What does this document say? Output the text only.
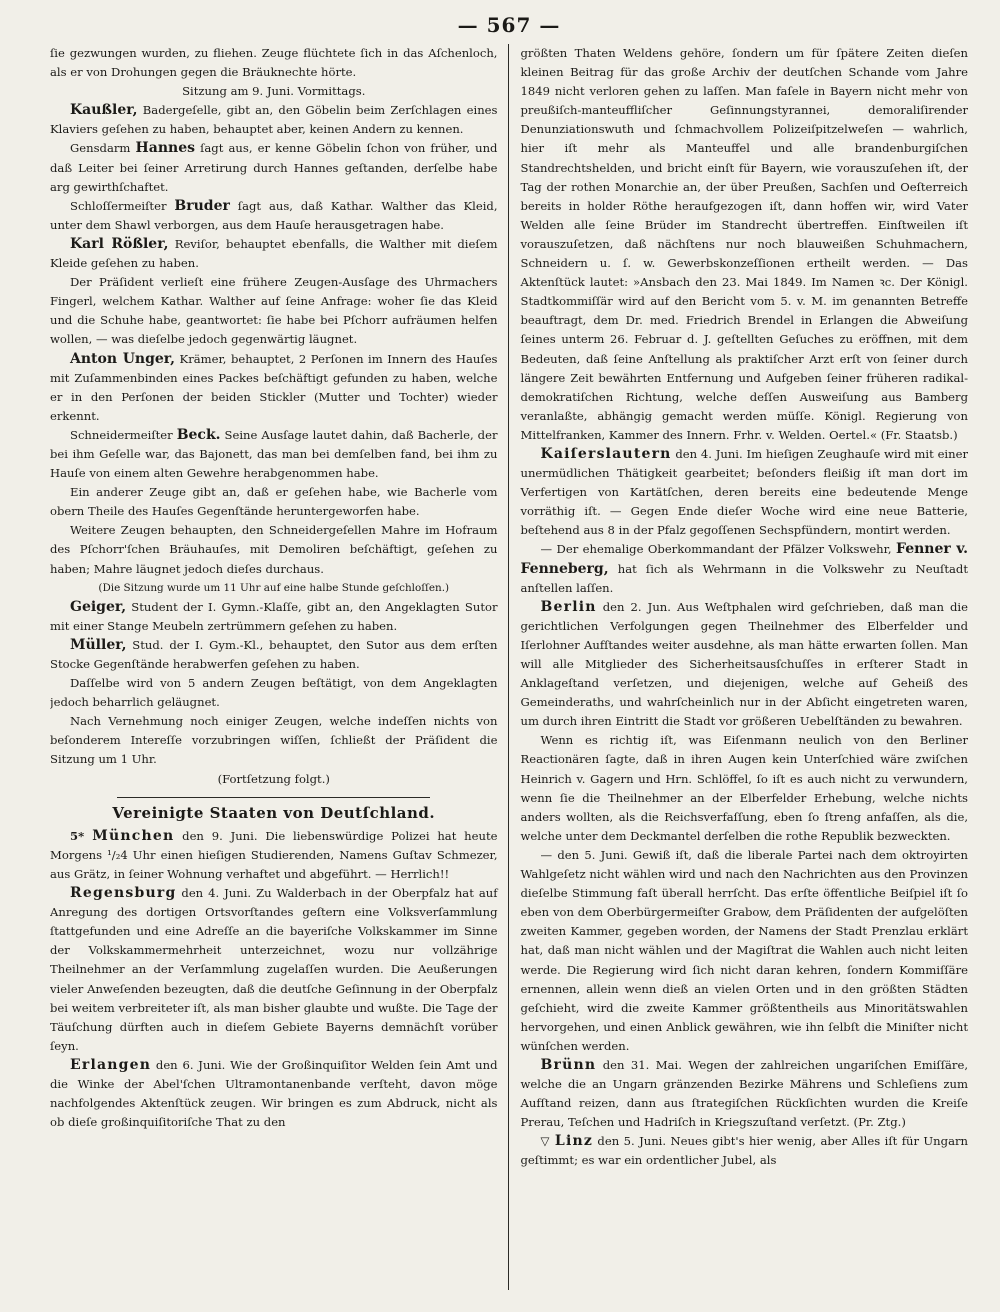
— 567 —

ſie gezwungen wurden, zu fliehen. Zeuge flüchtete ſich in das Aſchenloch, als er von Drohungen gegen die Bräuknechte hörte.

Sitzung am 9. Juni. Vormittags.

Kaußler, Badergeſelle, gibt an, den Göbelin beim Zerſchlagen eines Klaviers geſehen zu haben, behauptet aber, keinen Andern zu kennen.

Gensdarm Hannes ſagt aus, er kenne Göbelin ſchon von früher, und daß Leiter bei ſeiner Arretirung durch Hannes geſtanden, derſelbe habe arg gewirthſchaftet.

Schloſſermeiſter Bruder ſagt aus, daß Kathar. Walther das Kleid, unter dem Shawl verborgen, aus dem Hauſe herausgetragen habe.

Karl Rößler, Reviſor, behauptet ebenfalls, die Walther mit dieſem Kleide geſehen zu haben.

Der Präſident verlieſt eine frühere Zeugen-Ausſage des Uhrmachers Fingerl, welchem Kathar. Walther auf ſeine Anfrage: woher ſie das Kleid und die Schuhe habe, geantwortet: ſie habe bei Pſchorr aufräumen helfen wollen, — was dieſelbe jedoch gegenwärtig läugnet.

Anton Unger, Krämer, behauptet, 2 Perſonen im Innern des Hauſes mit Zuſammenbinden eines Packes beſchäftigt gefunden zu haben, welche er in den Perſonen der beiden Stickler (Mutter und Tochter) wieder erkennt.

Schneidermeiſter Beck. Seine Ausſage lautet dahin, daß Bacherle, der bei ihm Geſelle war, das Bajonett, das man bei demſelben fand, bei ihm zu Hauſe von einem alten Gewehre herabgenommen habe.

Ein anderer Zeuge gibt an, daß er geſehen habe, wie Bacherle vom obern Theile des Hauſes Gegenſtände heruntergeworfen habe.

Weitere Zeugen behaupten, den Schneidergeſellen Mahre im Hofraum des Pſchorr'ſchen Bräuhauſes, mit Demoliren beſchäftigt, geſehen zu haben; Mahre läugnet jedoch dieſes durchaus.

(Die Sitzung wurde um 11 Uhr auf eine halbe Stunde geſchloſſen.)

Geiger, Student der I. Gymn.-Klaſſe, gibt an, den Angeklagten Sutor mit einer Stange Meubeln zertrümmern geſehen zu haben.

Müller, Stud. der I. Gym.-Kl., behauptet, den Sutor aus dem erſten Stocke Gegenſtände herabwerfen geſehen zu haben.

Daſſelbe wird von 5 andern Zeugen beſtätigt, von dem Angeklagten jedoch beharrlich geläugnet.

Nach Vernehmung noch einiger Zeugen, welche indeſſen nichts von beſonderem Intereſſe vorzubringen wiſſen, ſchließt der Präſident die Sitzung um 1 Uhr.

(Fortſetzung folgt.)

Vereinigte Staaten von Deutſchland.

5* München den 9. Juni. Die liebenswürdige Polizei hat heute Morgens ¹/₂4 Uhr einen hieſigen Studierenden, Namens Guſtav Schmezer, aus Grätz, in ſeiner Wohnung verhaftet und abgeführt. — Herrlich!!

Regensburg den 4. Juni. Zu Walderbach in der Oberpfalz hat auf Anregung des dortigen Ortsvorſtandes geſtern eine Volksverſammlung ſtattgefunden und eine Adreſſe an die bayeriſche Volkskammer im Sinne der Volkskammermehrheit unterzeichnet, wozu nur vollzährige Theilnehmer an der Verſammlung zugelaſſen wurden. Die Aeußerungen vieler Anweſenden bezeugten, daß die deutſche Geſinnung in der Oberpfalz bei weitem verbreiteter iſt, als man bisher glaubte und wußte. Die Tage der Täuſchung dürften auch in dieſem Gebiete Bayerns demnächſt vorüber ſeyn.

Erlangen den 6. Juni. Wie der Großinquiſitor Welden ſein Amt und die Winke der Abel'ſchen Ultramontanenbande verſteht, davon möge nachfolgendes Aktenſtück zeugen. Wir bringen es zum Abdruck, nicht als ob dieſe großinquiſitoriſche That zu den

größten Thaten Weldens gehöre, ſondern um für ſpätere Zeiten dieſen kleinen Beitrag für das große Archiv der deutſchen Schande vom Jahre 1849 nicht verloren gehen zu laſſen. Man faſele in Bayern nicht mehr von preußiſch-manteuffliſcher Geſinnungstyrannei, demoraliſirender Denunziationswuth und ſchmachvollem Polizeiſpitzelweſen — wahrlich, hier iſt mehr als Manteuffel und alle brandenburgiſchen Standrechtshelden, und bricht einſt für Bayern, wie vorauszuſehen iſt, der Tag der rothen Monarchie an, der über Preußen, Sachſen und Oeſterreich bereits in holder Röthe heraufgezogen iſt, dann hoffen wir, wird Vater Welden alle ſeine Brüder im Standrecht übertreffen. Einſtweilen iſt vorauszuſetzen, daß nächſtens nur noch blauweißen Schuhmachern, Schneidern u. ſ. w. Gewerbskonzeſſionen ertheilt werden. — Das Aktenſtück lautet: »Ansbach den 23. Mai 1849. Im Namen ꝛc. Der Königl. Stadtkommiſſär wird auf den Bericht vom 5. v. M. im genannten Betreffe beauftragt, dem Dr. med. Friedrich Brendel in Erlangen die Abweiſung ſeines unterm 26. Februar d. J. geſtellten Geſuches zu eröffnen, mit dem Bedeuten, daß ſeine Anſtellung als praktiſcher Arzt erſt von ſeiner durch längere Zeit bewährten Entfernung und Aufgeben ſeiner früheren radikal-demokratiſchen Richtung, welche deſſen Ausweiſung aus Bamberg veranlaßte, abhängig gemacht werden müſſe. Königl. Regierung von Mittelfranken, Kammer des Innern. Frhr. v. Welden. Oertel.« (Fr. Staatsb.)

Kaiſerslautern den 4. Juni. Im hieſigen Zeughauſe wird mit einer unermüdlichen Thätigkeit gearbeitet; beſonders fleißig iſt man dort im Verfertigen von Kartätſchen, deren bereits eine bedeutende Menge vorräthig iſt. — Gegen Ende dieſer Woche wird eine neue Batterie, beſtehend aus 8 in der Pfalz gegoſſenen Sechspfündern, montirt werden.

— Der ehemalige Oberkommandant der Pfälzer Volkswehr, Fenner v. Fenneberg, hat ſich als Wehrmann in die Volkswehr zu Neuſtadt anſtellen laſſen.

Berlin den 2. Jun. Aus Weſtphalen wird geſchrieben, daß man die gerichtlichen Verfolgungen gegen Theilnehmer des Elberfelder und Iſerlohner Aufſtandes weiter ausdehne, als man hätte erwarten ſollen. Man will alle Mitglieder des Sicherheitsausſchuſſes in erſterer Stadt in Anklageſtand verſetzen, und diejenigen, welche auf Geheiß des Gemeinderaths, und wahrſcheinlich nur in der Abſicht eingetreten waren, um durch ihren Eintritt die Stadt vor größeren Uebelſtänden zu bewahren.

Wenn es richtig iſt, was Eiſenmann neulich von den Berliner Reactionären ſagte, daß in ihren Augen kein Unterſchied wäre zwiſchen Heinrich v. Gagern und Hrn. Schlöffel, ſo iſt es auch nicht zu verwundern, wenn ſie die Theilnehmer an der Elberfelder Erhebung, welche nichts anders wollten, als die Reichsverfaſſung, eben ſo ſtreng anfaſſen, als die, welche unter dem Deckmantel derſelben die rothe Republik bezweckten.

— den 5. Juni. Gewiß iſt, daß die liberale Partei nach dem oktroyirten Wahlgeſetz nicht wählen wird und nach den Nachrichten aus den Provinzen dieſelbe Stimmung faſt überall herrſcht. Das erſte öffentliche Beiſpiel iſt ſo eben von dem Oberbürgermeiſter Grabow, dem Präſidenten der aufgelöſten zweiten Kammer, gegeben worden, der Namens der Stadt Prenzlau erklärt hat, daß man nicht wählen und der Magiſtrat die Wahlen auch nicht leiten werde. Die Regierung wird ſich nicht daran kehren, ſondern Kommiſſäre ernennen, allein wenn dieß an vielen Orten und in den größten Städten geſchieht, wird die zweite Kammer größtentheils aus Minoritätswahlen hervorgehen, und einen Anblick gewähren, wie ihn ſelbſt die Miniſter nicht wünſchen werden.

Brünn den 31. Mai. Wegen der zahlreichen ungariſchen Emiſſäre, welche die an Ungarn gränzenden Bezirke Mährens und Schleſiens zum Aufſtand reizen, dann aus ſtrategiſchen Rückſichten wurden die Kreiſe Prerau, Teſchen und Hadriſch in Kriegszuſtand verſetzt. (Pr. Ztg.)

▽ Linz den 5. Juni. Neues gibt's hier wenig, aber Alles iſt für Ungarn geſtimmt; es war ein ordentlicher Jubel, als
